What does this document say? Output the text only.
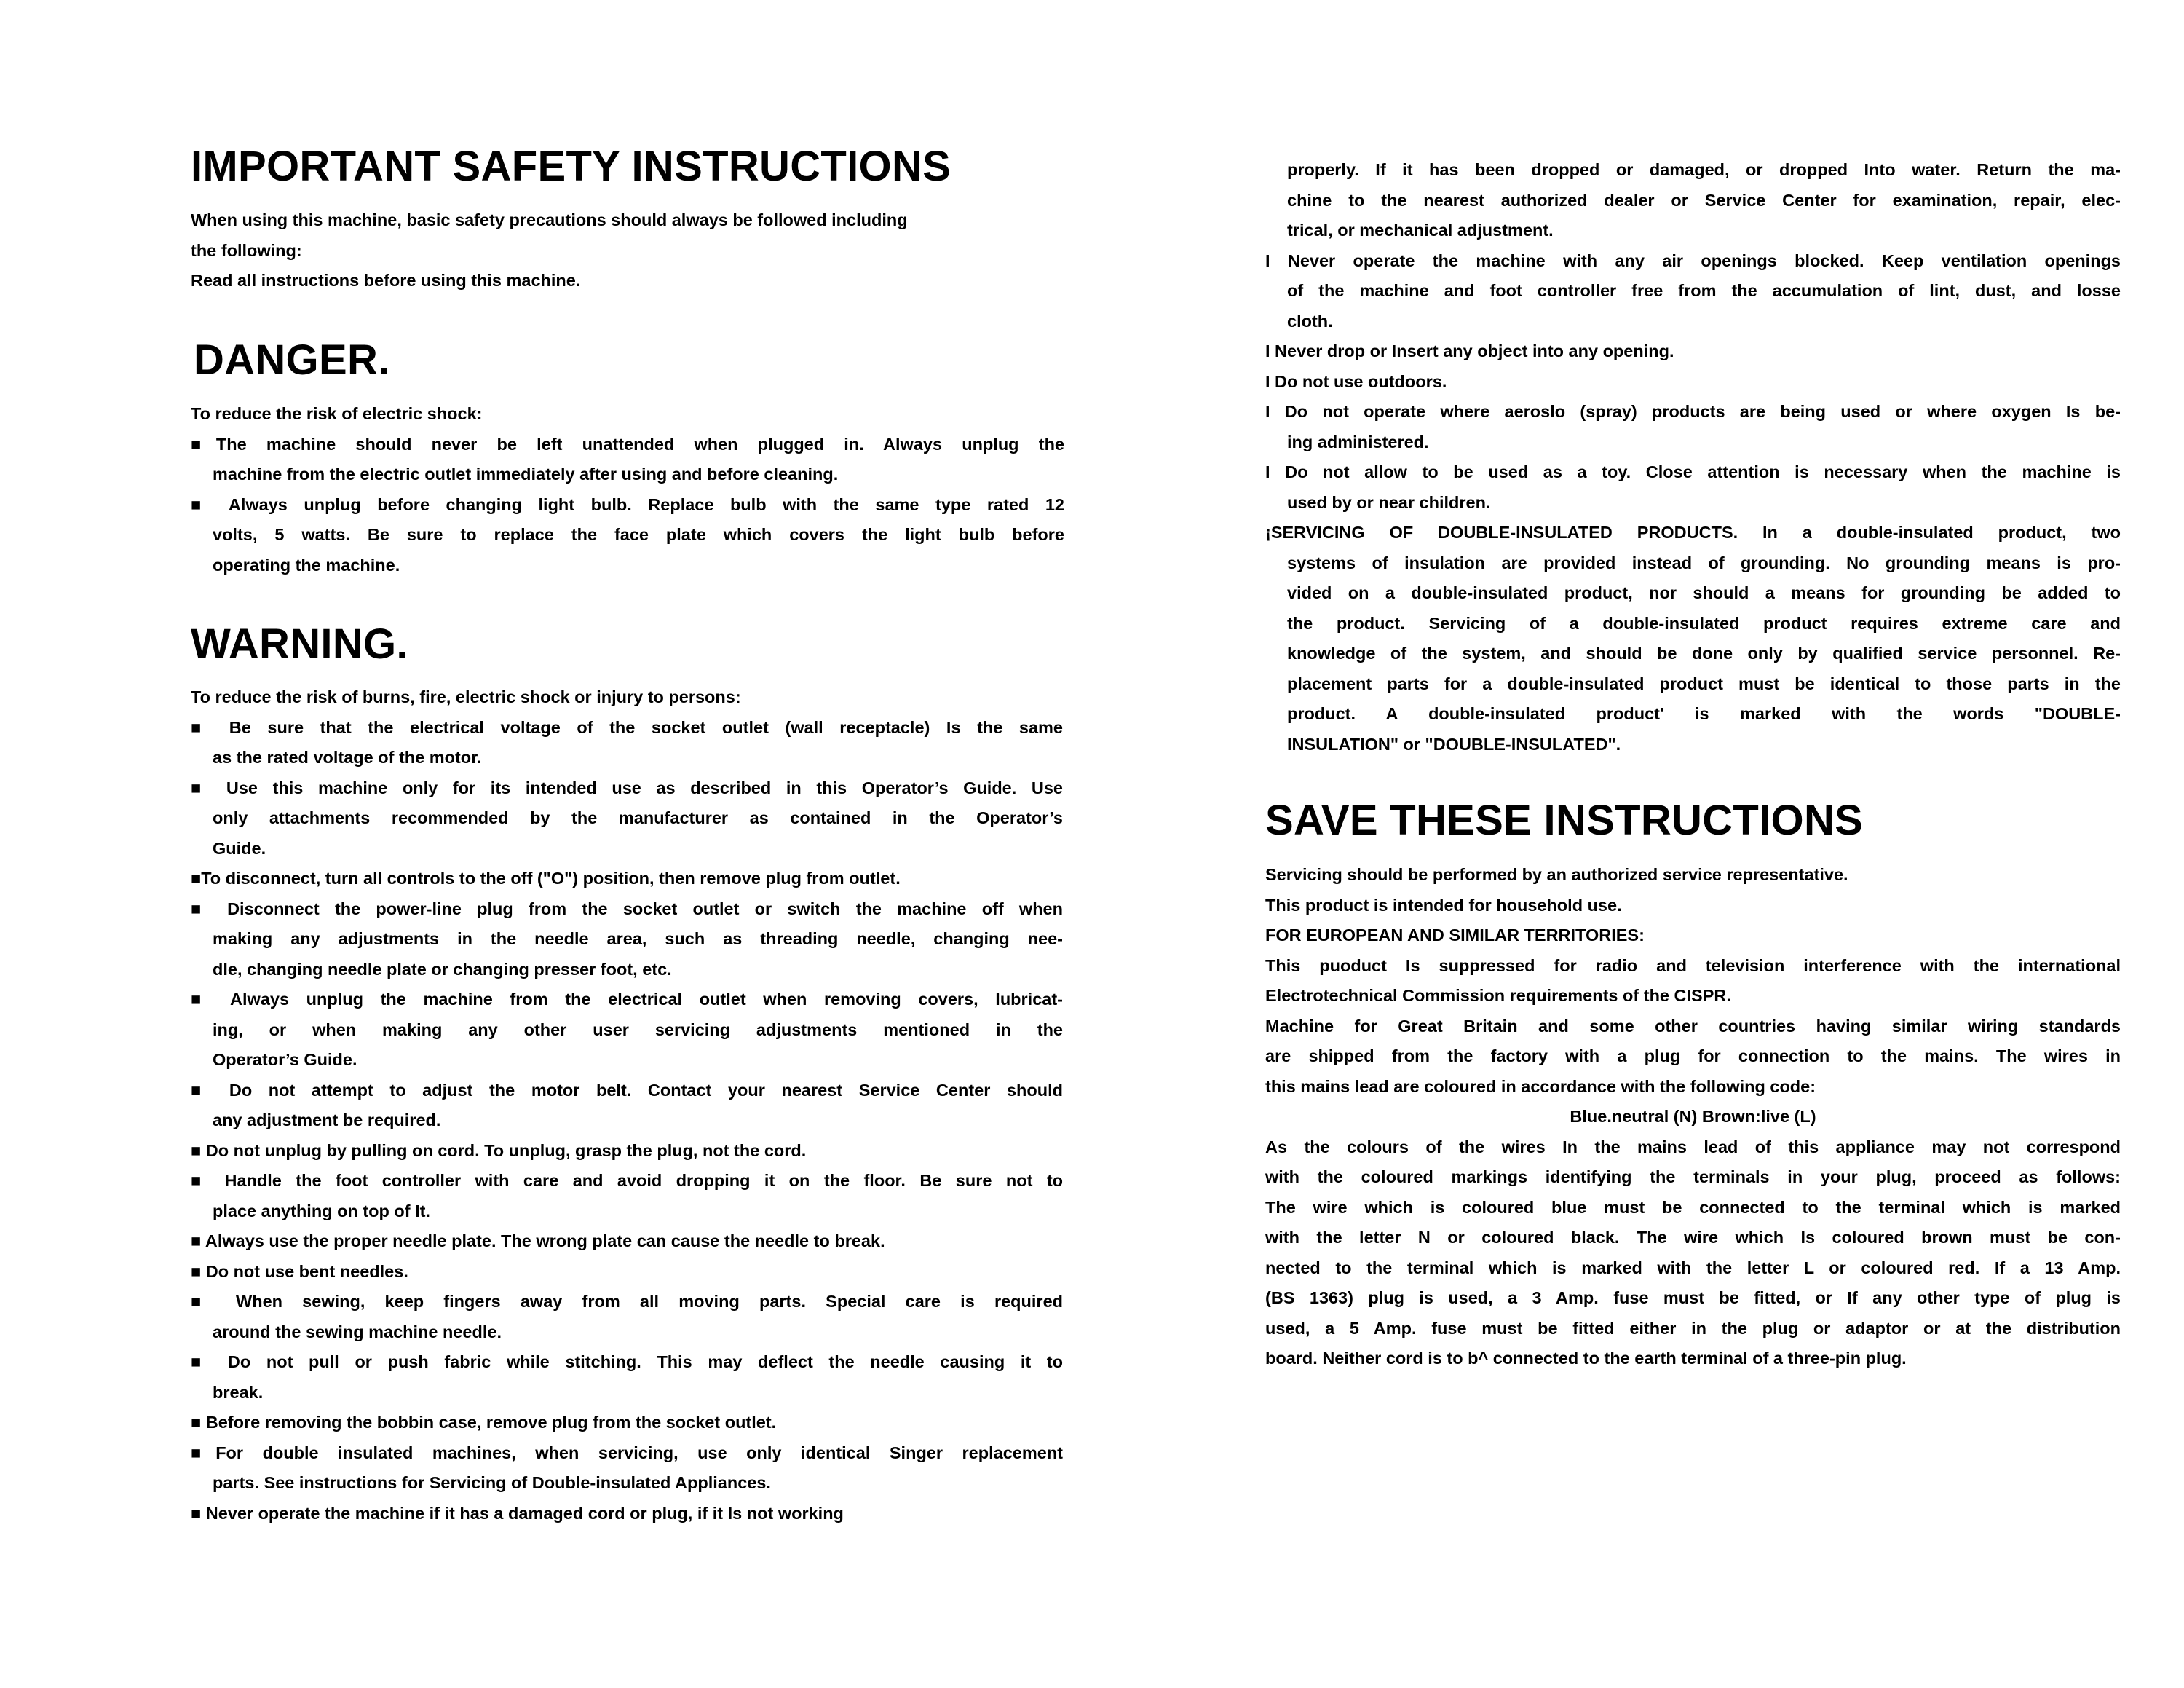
IMPORTANT SAFETY INSTRUCTIONS
When using this machine, basic safety precautions should always be followed including
the following:
Read all instructions before using this machine.
DANGER.
To reduce the risk of electric shock:
■The machine should never be left unattended when plugged in. Always unplug the
machine from the electric outlet immediately after using and before cleaning.
■ Always unplug before changing light bulb. Replace bulb with the same type rated 12
volts, 5 watts. Be sure to replace the face plate which covers the light bulb before
operating the machine.
WARNING.
To reduce the risk of burns, fire, electric shock or injury to persons:
■ Be sure that the electrical voltage of the socket outlet (wall receptacle) Is the same
as the rated voltage of the motor.
■ Use this machine only for its intended use as described in this Operator’s Guide. Use
only attachments recommended by the manufacturer as contained in the Operator’s
Guide.
■To disconnect, turn all controls to the off ("O") position, then remove plug from outlet.
■ Disconnect the power-line plug from the socket outlet or switch the machine off when
making any adjustments in the needle area, such as threading needle, changing nee-
dle, changing needle plate or changing presser foot, etc.
■ Always unplug the machine from the electrical outlet when removing covers, lubricat-
ing, or when making any other user servicing adjustments mentioned in the
Operator’s Guide.
■ Do not attempt to adjust the motor belt. Contact your nearest Service Center should
any adjustment be required.
■ Do not unplug by pulling on cord. To unplug, grasp the plug, not the cord.
■ Handle the foot controller with care and avoid dropping it on the floor. Be sure not to
place anything on top of It.
■ Always use the proper needle plate. The wrong plate can cause the needle to break.
■ Do not use bent needles.
■ When sewing, keep fingers away from all moving parts. Special care is required
around the sewing machine needle.
■ Do not pull or push fabric while stitching. This may deflect the needle causing it to
break.
■ Before removing the bobbin case, remove plug from the socket outlet.
■For double insulated machines, when servicing, use only identical Singer replacement
parts. See instructions for Servicing of Double-insulated Appliances.
■ Never operate the machine if it has a damaged cord or plug, if it Is not working
properly. If it has been dropped or damaged, or dropped Into water. Return the ma-
chine to the nearest authorized dealer or Service Center for examination, repair, elec-
trical, or mechanical adjustment.
I Never operate the machine with any air openings blocked. Keep ventilation openings
of the machine and foot controller free from the accumulation of lint, dust, and losse
cloth.
I Never drop or Insert any object into any opening.
I Do not use outdoors.
I Do not operate where aeroslo (spray) products are being used or where oxygen Is be-
ing administered.
I Do not allow to be used as a toy. Close attention is necessary when the machine is
used by or near children.
¡SERVICING OF DOUBLE-INSULATED PRODUCTS. In a double-insulated product, two
systems of insulation are provided instead of grounding. No grounding means is pro-
vided on a double-insulated product, nor should a means for grounding be added to
the product. Servicing of a double-insulated product requires extreme care and
knowledge of the system, and should be done only by qualified service personnel. Re-
placement parts for a double-insulated product must be identical to those parts in the
product. A double-insulated product' is marked with the words "DOUBLE-
INSULATION" or "DOUBLE-INSULATED".
SAVE THESE INSTRUCTIONS
Servicing should be performed by an authorized service representative.
This product is intended for household use.
FOR EUROPEAN AND SIMILAR TERRITORIES:
This puoduct Is suppressed for radio and television interference with the international
Electrotechnical Commission requirements of the CISPR.
Machine for Great Britain and some other countries having similar wiring standards
are shipped from the factory with a plug for connection to the mains. The wires in
this mains lead are coloured in accordance with the following code:
Blue.neutral (N) Brown:live (L)
As the colours of the wires In the mains lead of this appliance may not correspond
with the coloured markings identifying the terminals in your plug, proceed as follows:
The wire which is coloured blue must be connected to the terminal which is marked
with the letter N or coloured black. The wire which Is coloured brown must be con-
nected to the terminal which is marked with the letter L or coloured red. If a 13 Amp.
(BS 1363) plug is used, a 3 Amp. fuse must be fitted, or If any other type of plug is
used, a 5 Amp. fuse must be fitted either in the plug or adaptor or at the distribution
board. Neither cord is to b^ connected to the earth terminal of a three-pin plug.
